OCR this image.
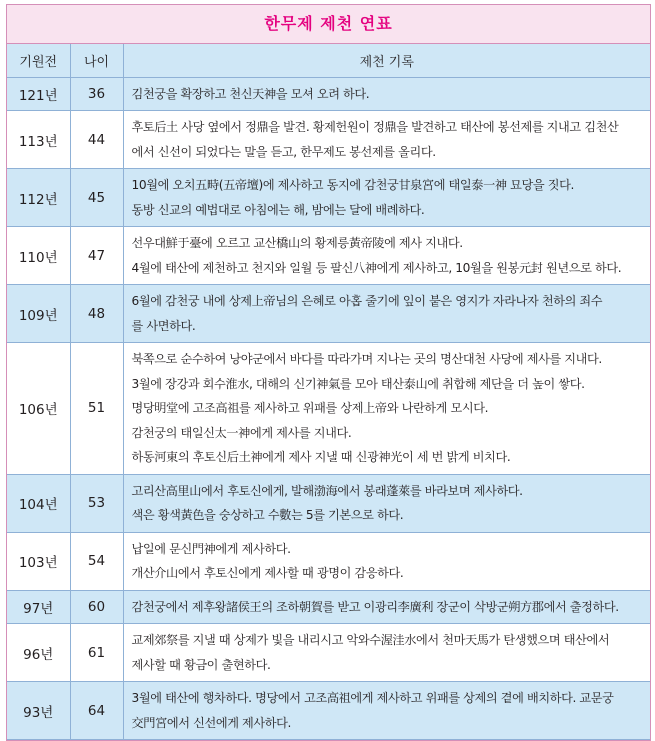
한무제 제천 연표
기원전	나이	제천 기록
121년	36	김천궁을 확장하고 천신天神을 모셔 오려 하다.

113년	44	후토后土 사당 옆에서 정鼎을 발견. 황제헌원이 정鼎을 발견하고 태산에 봉선제를 지내고 김천산
에서 신선이 되었다는 말을 듣고, 한무제도 봉선제를 올리다.

112년	45	10월에 오치五畤(五帝壇)에 제사하고 동지에 감천궁甘泉宮에 태일泰一神 묘당을 짓다.
동방 신교의 예법대로 아침에는 해, 밤에는 달에 배례하다.

110년	47	선우대鮮于臺에 오르고 교산橋山의 황제릉黃帝陵에 제사 지내다.
4월에 태산에 제천하고 천지와 일월 등 팔신八神에게 제사하고, 10월을 원봉元封 원년으로 하다.

109년	48	6월에 감천궁 내에 상제上帝님의 은혜로 아홉 줄기에 잎이 붙은 영지가 자라나자 천하의 죄수
를 사면하다.

106년	51	북쪽으로 순수하여 낭야군에서 바다를 따라가며 지나는 곳의 명산대천 사당에 제사를 지내다.
3월에 장강과 회수淮水, 대해의 신기神氣를 모아 태산泰山에 취합해 제단을 더 높이 쌓다.
명당明堂에 고조高祖를 제사하고 위패를 상제上帝와 나란하게 모시다.
감천궁의 태일신太一神에게 제사를 지내다.
하동河東의 후토신后土神에게 제사 지낼 때 신광神光이 세 번 밝게 비치다.

104년	53	고리산高里山에서 후토신에게, 발해渤海에서 봉래蓬萊를 바라보며 제사하다.
색은 황색黃色을 숭상하고 수數는 5를 기본으로 하다.

103년	54	납일에 문신門神에게 제사하다.
개산介山에서 후토신에게 제사할 때 광명이 감응하다.

97년	60	감천궁에서 제후왕諸侯王의 조하朝賀를 받고 이광리李廣利 장군이 삭방군朔方郡에서 출정하다.

96년	61	교제郊祭를 지낼 때 상제가 빛을 내리시고 악와수渥洼水에서 천마天馬가 탄생했으며 태산에서
제사할 때 황금이 출현하다.

93년	64	3월에 태산에 행차하다. 명당에서 고조高祖에게 제사하고 위패를 상제의 곁에 배치하다. 교문궁
交門宮에서 신선에게 제사하다.
